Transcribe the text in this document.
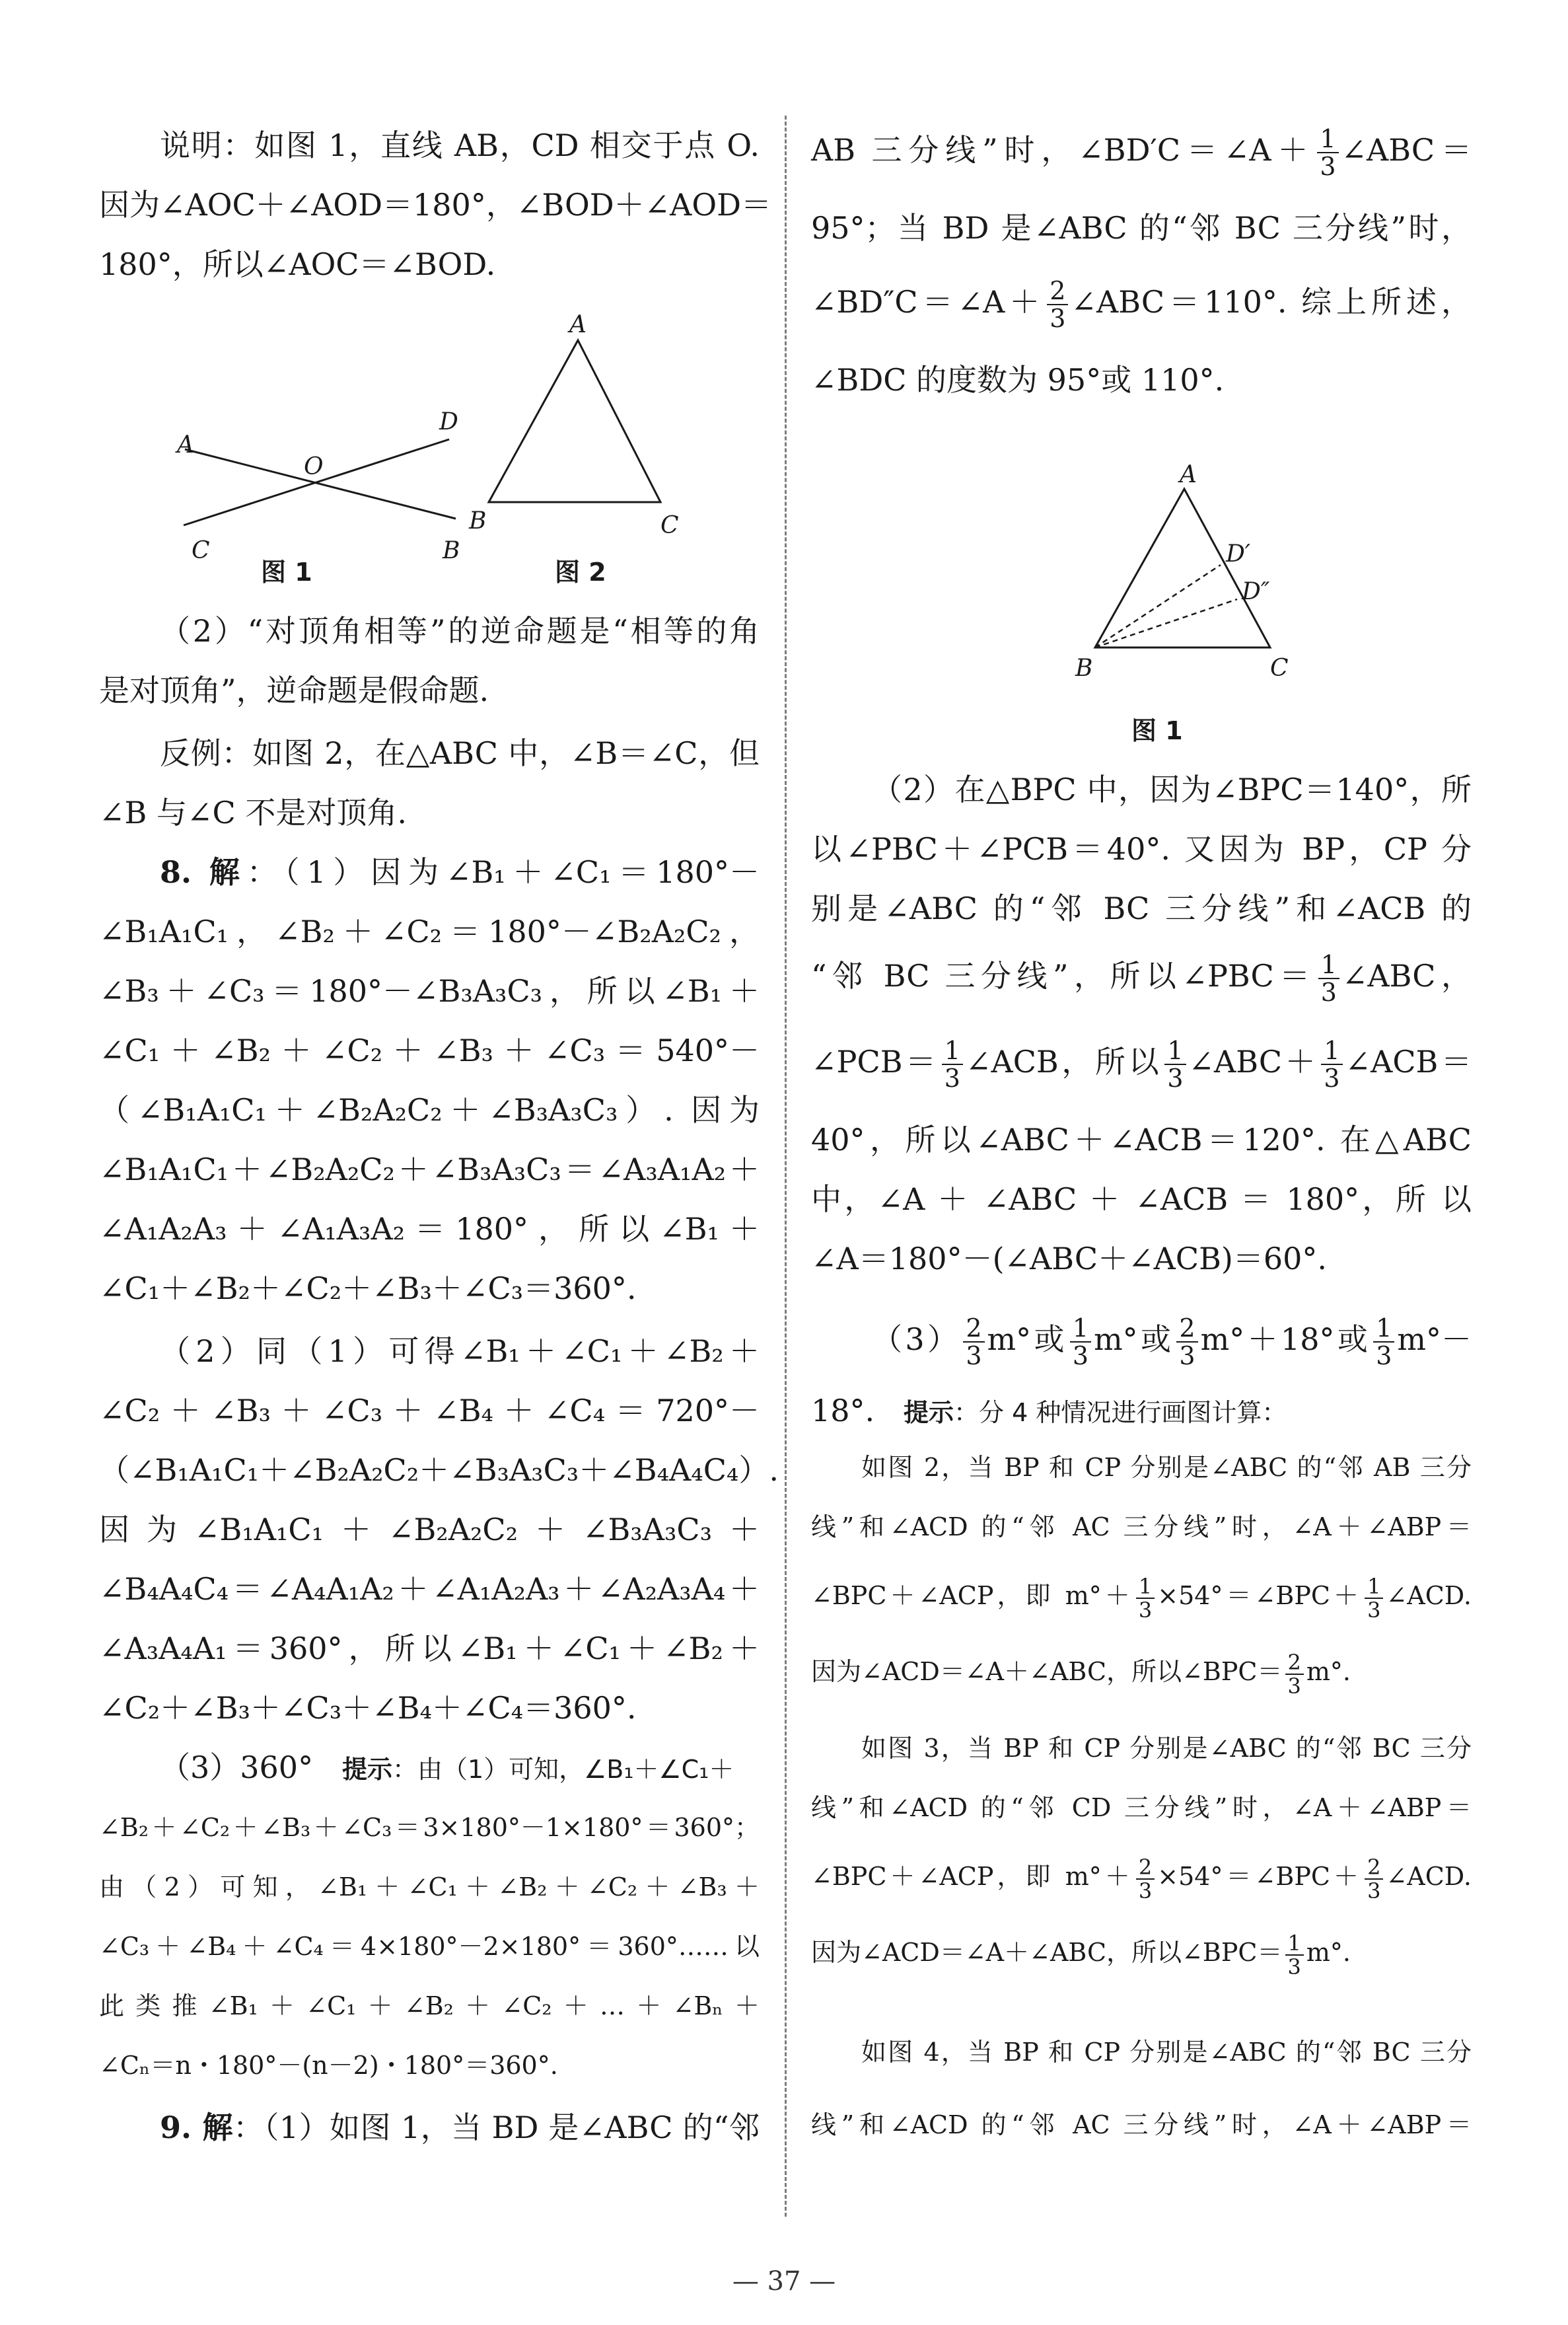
说明：如图 1，直线 AB，CD 相交于点 O.
因为∠AOC＋∠AOD＝180°，∠BOD＋∠AOD＝
180°，所以∠AOC＝∠BOD.
A
D
O
C	B
图 1
A
B	C
图 2
（2）“对顶角相等”的逆命题是“相等的角
是对顶角”，逆命题是假命题.
反例：如图 2，在△ABC 中，∠B＝∠C，但
∠B 与∠C 不是对顶角.
8. 解：（1）因为∠B₁＋∠C₁＝180°－
∠B₁A₁C₁，∠B₂＋∠C₂＝180°－∠B₂A₂C₂，
∠B₃＋∠C₃＝180°－∠B₃A₃C₃，所以∠B₁＋
∠C₁＋∠B₂＋∠C₂＋∠B₃＋∠C₃＝540°－
（∠B₁A₁C₁＋∠B₂A₂C₂＋∠B₃A₃C₃）. 因为
∠B₁A₁C₁＋∠B₂A₂C₂＋∠B₃A₃C₃＝∠A₃A₁A₂＋
∠A₁A₂A₃＋∠A₁A₃A₂＝180°，所以∠B₁＋
∠C₁＋∠B₂＋∠C₂＋∠B₃＋∠C₃＝360°.
（2）同（1）可得∠B₁＋∠C₁＋∠B₂＋
∠C₂＋∠B₃＋∠C₃＋∠B₄＋∠C₄＝720°－
（∠B₁A₁C₁＋∠B₂A₂C₂＋∠B₃A₃C₃＋∠B₄A₄C₄）.
因为∠B₁A₁C₁＋∠B₂A₂C₂＋∠B₃A₃C₃＋
∠B₄A₄C₄＝∠A₄A₁A₂＋∠A₁A₂A₃＋∠A₂A₃A₄＋
∠A₃A₄A₁＝360°，所以∠B₁＋∠C₁＋∠B₂＋
∠C₂＋∠B₃＋∠C₃＋∠B₄＋∠C₄＝360°.
（3）360° 提示：由（1）可知，∠B₁＋∠C₁＋
∠B₂＋∠C₂＋∠B₃＋∠C₃＝3×180°－1×180°＝360°；
由（2）可知，∠B₁＋∠C₁＋∠B₂＋∠C₂＋∠B₃＋
∠C₃＋∠B₄＋∠C₄＝4×180°－2×180°＝360°……以
此类推∠B₁＋∠C₁＋∠B₂＋∠C₂＋…＋∠Bₙ＋
∠Cₙ＝n・180°－(n－2)・180°＝360°.
9. 解：（1）如图 1，当 BD 是∠ABC 的“邻
AB 三分线”时，∠BD′C＝∠A＋ $\frac{1}{3}$ ∠ABC＝
95°；当 BD 是∠ABC 的“邻 BC 三分线”时，
∠BD″C＝∠A＋ $\frac{2}{3}$ ∠ABC＝110°. 综上所述，
∠BDC 的度数为 95°或 110°.
A
D′
D″
B	C
图 1
（2）在△BPC 中，因为∠BPC＝140°，所
以∠PBC＋∠PCB＝40°. 又因为 BP，CP 分
别是∠ABC 的“邻 BC 三分线”和∠ACB 的
“邻 BC 三分线”，所以∠PBC＝ $\frac{1}{3}$ ∠ABC，
∠PCB＝ $\frac{1}{3}$ ∠ACB，所以 $\frac{1}{3}$ ∠ABC＋ $\frac{1}{3}$ ∠ACB＝
40°，所以∠ABC＋∠ACB＝120°. 在△ABC
中，∠A ＋ ∠ABC ＋ ∠ACB ＝ 180°，所 以
∠A＝180°－(∠ABC＋∠ACB)＝60°.
$(3) \frac{2}{3} m^\circ$或 $\frac{1}{3} m^\circ$或 $\frac{2}{3} m^\circ+18^\circ$或 $\frac{1}{3} m^\circ-$
18°. 提示：分 4 种情况进行画图计算：
如图 2，当 BP 和 CP 分别是∠ABC 的“邻 AB 三分
线”和∠ACD 的“邻 AC 三分线”时，∠A＋∠ABP＝
∠BPC＋∠ACP，即 $m^\circ+ \frac{1}{3}$ ×54°＝∠BPC＋ $\frac{1}{3}$ ∠ACD.
因为∠ACD＝∠A＋∠ABC，所以∠BPC＝ $\frac{2}{3} m^\circ$.
如图 3，当 BP 和 CP 分别是∠ABC 的“邻 BC 三分
线”和∠ACD 的“邻 CD 三分线”时，∠A＋∠ABP＝
∠BPC＋∠ACP，即 $m^\circ+ \frac{2}{3}$ ×54°＝∠BPC＋ $\frac{2}{3}$ ∠ACD.
因为∠ACD＝∠A＋∠ABC，所以∠BPC＝ $\frac{1}{3} m^\circ$.
如图 4，当 BP 和 CP 分别是∠ABC 的“邻 BC 三分
线”和∠ACD 的“邻 AC 三分线”时，∠A＋∠ABP＝
— 37 —
